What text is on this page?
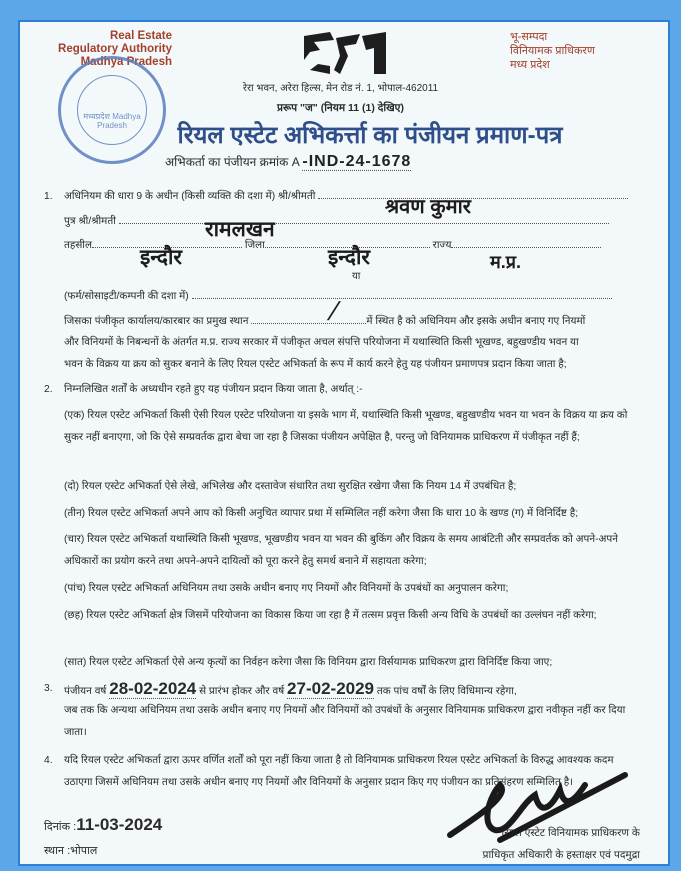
Real Estate
Regulatory Authority
Madhya Pradesh
भू-सम्पदा
विनियामक प्राधिकरण
मध्य प्रदेश
मध्यप्रदेश Madhya Pradesh
रेरा भवन, अरेरा हिल्स, मेन रोड नं. 1, भोपाल-462011
प्ररूप "ज" (नियम 11 (1) देखिए)
रियल एस्टेट अभिकर्त्ता का पंजीयन प्रमाण-पत्र
अभिकर्ता का पंजीयन क्रमांक A -IND-24-1678
1. अधिनियम की धारा 9 के अधीन (किसी व्यक्ति की दशा में) श्री/श्रीमती	श्रवण कुमार
पुत्र श्री/श्रीमती	रामलखन
तहसील	जिला	राज्य
इन्दौर	इन्दौर	म.प्र.
या
(फर्म/सोसाइटी/कम्पनी की दशा में)
जिसका पंजीकृत कार्यालय/कारबार का प्रमुख स्थान	में स्थित है को अधिनियम और इसके अधीन बनाए गए नियमों
/
और विनियमों के निबन्धनों के अंतर्गत म.प्र. राज्य सरकार में पंजीकृत अचल संपत्ति परियोजना में यथास्थिति किसी भूखण्ड, बहुखण्डीय भवन या
भवन के विक्रय या क्रय को सुकर बनाने के लिए रियल एस्टेट अभिकर्ता के रूप में कार्य करने हेतु यह पंजीयन प्रमाणपत्र प्रदान किया जाता है;
2. निम्नलिखित शर्तों के अध्यधीन रहते हुए यह पंजीयन प्रदान किया जाता है, अर्थात् :-
(एक) रियल एस्टेट अभिकर्ता किसी ऐसी रियल एस्टेट परियोजना या इसके भाग में, यथास्थिति किसी भूखण्ड, बहुखण्डीय भवन या भवन के विक्रय या क्रय को सुकर नहीं बनाएगा, जो कि ऐसे सम्प्रवर्तक द्वारा बेचा जा रहा है जिसका पंजीयन अपेक्षित है, परन्तु जो विनियामक प्राधिकरण में पंजीकृत नहीं हैं;
(दो) रियल एस्टेट अभिकर्ता ऐसे लेखे, अभिलेख और दस्तावेज संधारित तथा सुरक्षित रखेगा जैसा कि नियम 14 में उपबंधित है;
(तीन) रियल एस्टेट अभिकर्ता अपने आप को किसी अनुचित व्यापार प्रथा में सम्मिलित नहीं करेगा जैसा कि धारा 10 के खण्ड (ग) में विनिर्दिष्ट है;
(चार) रियल एस्टेट अभिकर्ता यथास्थिति किसी भूखण्ड, भूखण्डीय भवन या भवन की बुकिंग और विक्रय के समय आबंटिती और सम्प्रवर्तक को अपने-अपने अधिकारों का प्रयोग करने तथा अपने-अपने दायित्वों को पूरा करने हेतु समर्थ बनाने में सहायता करेगा;
(पांच) रियल एस्टेट अभिकर्ता अधिनियम तथा उसके अधीन बनाए गए नियमों और विनियमों के उपबंधों का अनुपालन करेगा;
(छह) रियल एस्टेट अभिकर्ता क्षेत्र जिसमें परियोजना का विकास किया जा रहा है में तत्सम प्रवृत्त किसी अन्य विधि के उपबंधों का उल्लंघन नहीं करेगा;
(सात) रियल एस्टेट अभिकर्ता ऐसे अन्य कृत्यों का निर्वहन करेगा जैसा कि विनियम द्वारा विर्सयामक प्राधिकरण द्वारा विनिर्दिष्ट किया जाए;
3. पंजीयन वर्ष 28-02-2024 से प्रारंभ होकर और वर्ष 27-02-2029 तक पांच वर्षों के लिए विधिमान्य रहेगा,
जब तक कि अन्यथा अधिनियम तथा उसके अधीन बनाए गए नियमों और विनियमों को उपबंधों के अनुसार विनियामक प्राधिकरण द्वारा नवीकृत नहीं कर दिया जाता।
4. यदि रियल एस्टेट अभिकर्ता द्वारा ऊपर वर्णित शर्तों को पूरा नहीं किया जाता है तो विनियामक प्राधिकरण रियल एस्टेट अभिकर्ता के विरुद्ध आवश्यक कदम उठाएगा जिसमें अधिनियम तथा उसके अधीन बनाए गए नियमों और विनियमों के अनुसार प्रदान किए गए पंजीयन का प्रतिसंहरण सम्मिलित है।
दिनांक :11-03-2024
स्थान :भोपाल
रियल एस्टेट विनियामक प्राधिकरण के
प्राधिकृत अधिकारी के हस्ताक्षर एवं पदमुद्रा
